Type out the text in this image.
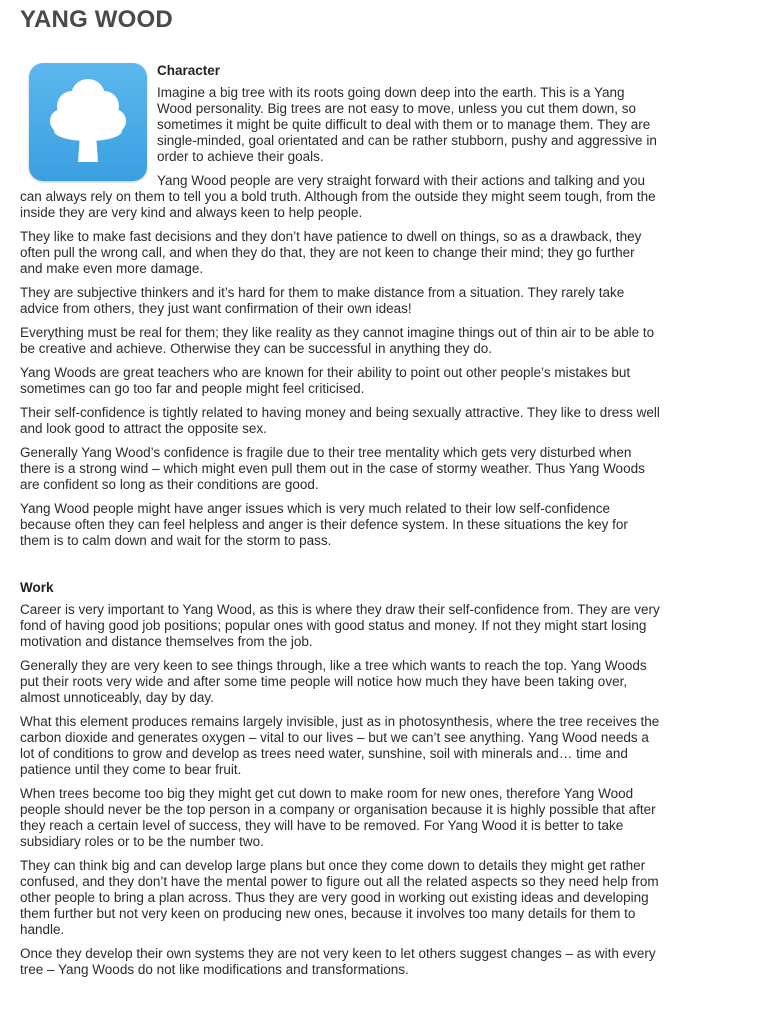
YANG WOOD
Character

Imagine a big tree with its roots going down deep into the earth. This is a Yang Wood personality. Big trees are not easy to move, unless you cut them down, so sometimes it might be quite difficult to deal with them or to manage them. They are single-minded, goal orientated and can be rather stubborn, pushy and aggressive in order to achieve their goals.

Yang Wood people are very straight forward with their actions and talking and you can always rely on them to tell you a bold truth. Although from the outside they might seem tough, from the inside they are very kind and always keen to help people.

They like to make fast decisions and they don’t have patience to dwell on things, so as a drawback, they often pull the wrong call, and when they do that, they are not keen to change their mind; they go further and make even more damage.

They are subjective thinkers and it’s hard for them to make distance from a situation. They rarely take advice from others, they just want confirmation of their own ideas!

Everything must be real for them; they like reality as they cannot imagine things out of thin air to be able to be creative and achieve. Otherwise they can be successful in anything they do.

Yang Woods are great teachers who are known for their ability to point out other people’s mistakes but sometimes can go too far and people might feel criticised.

Their self-confidence is tightly related to having money and being sexually attractive. They like to dress well and look good to attract the opposite sex.

Generally Yang Wood’s confidence is fragile due to their tree mentality which gets very disturbed when there is a strong wind – which might even pull them out in the case of stormy weather. Thus Yang Woods are confident so long as their conditions are good.

Yang Wood people might have anger issues which is very much related to their low self-confidence because often they can feel helpless and anger is their defence system. In these situations the key for them is to calm down and wait for the storm to pass.

Work

Career is very important to Yang Wood, as this is where they draw their self-confidence from. They are very fond of having good job positions; popular ones with good status and money. If not they might start losing motivation and distance themselves from the job.

Generally they are very keen to see things through, like a tree which wants to reach the top. Yang Woods put their roots very wide and after some time people will notice how much they have been taking over, almost unnoticeably, day by day.

What this element produces remains largely invisible, just as in photosynthesis, where the tree receives the carbon dioxide and generates oxygen – vital to our lives – but we can’t see anything. Yang Wood needs a lot of conditions to grow and develop as trees need water, sunshine, soil with minerals and… time and patience until they come to bear fruit.

When trees become too big they might get cut down to make room for new ones, therefore Yang Wood people should never be the top person in a company or organisation because it is highly possible that after they reach a certain level of success, they will have to be removed. For Yang Wood it is better to take subsidiary roles or to be the number two.

They can think big and can develop large plans but once they come down to details they might get rather confused, and they don’t have the mental power to figure out all the related aspects so they need help from other people to bring a plan across. Thus they are very good in working out existing ideas and developing them further but not very keen on producing new ones, because it involves too many details for them to handle.

Once they develop their own systems they are not very keen to let others suggest changes – as with every tree – Yang Woods do not like modifications and transformations.
